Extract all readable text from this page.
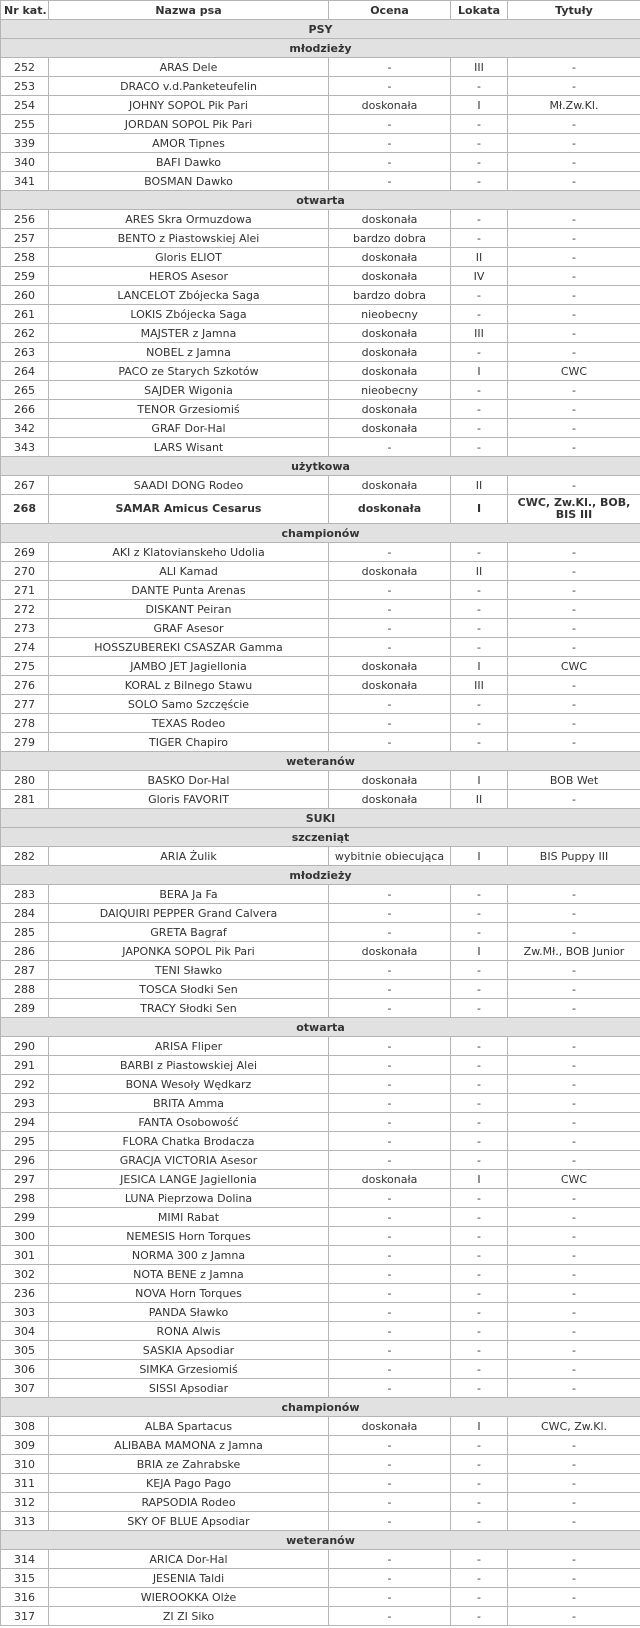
Nr kat.	Nazwa psa	Ocena	Lokata	Tytuły
PSY				
młodzieży				
252	ARAS Dele	-	III	-
253	DRACO v.d.Panketeufelin	-	-	-
254	JOHNY SOPOL Pik Pari	doskonała	I	Mł.Zw.Kl.
255	JORDAN SOPOL Pik Pari	-	-	-
339	AMOR Tipnes	-	-	-
340	BAFI Dawko	-	-	-
341	BOSMAN Dawko	-	-	-
otwarta				
256	ARES Skra Ormuzdowa	doskonała	-	-
257	BENTO z Piastowskiej Alei	bardzo dobra	-	-
258	Gloris ELIOT	doskonała	II	-
259	HEROS Asesor	doskonała	IV	-
260	LANCELOT Zbójecka Saga	bardzo dobra	-	-
261	LOKIS Zbójecka Saga	nieobecny	-	-
262	MAJSTER z Jamna	doskonała	III	-
263	NOBEL z Jamna	doskonała	-	-
264	PACO ze Starych Szkotów	doskonała	I	CWC
265	SAJDER Wigonia	nieobecny	-	-
266	TENOR Grzesiomiś	doskonała	-	-
342	GRAF Dor-Hal	doskonała	-	-
343	LARS Wisant	-	-	-
użytkowa				
267	SAADI DONG Rodeo	doskonała	II	-
268	SAMAR Amicus Cesarus	doskonała	I	CWC, Zw.Kl., BOB, BIS III
championów				
269	AKI z Klatovianskeho Udolia	-	-	-
270	ALI Kamad	doskonała	II	-
271	DANTE Punta Arenas	-	-	-
272	DISKANT Peiran	-	-	-
273	GRAF Asesor	-	-	-
274	HOSSZUBEREKI CSASZAR Gamma	-	-	-
275	JAMBO JET Jagiellonia	doskonała	I	CWC
276	KORAL z Bilnego Stawu	doskonała	III	-
277	SOLO Samo Szczęście	-	-	-
278	TEXAS Rodeo	-	-	-
279	TIGER Chapiro	-	-	-
weteranów				
280	BASKO Dor-Hal	doskonała	I	BOB Wet
281	Gloris FAVORIT	doskonała	II	-
SUKI				
szczeniąt				
282	ARIA Żulik	wybitnie obiecująca	I	BIS Puppy III
młodzieży				
283	BERA Ja Fa	-	-	-
284	DAIQUIRI PEPPER Grand Calvera	-	-	-
285	GRETA Bagraf	-	-	-
286	JAPONKA SOPOL Pik Pari	doskonała	I	Zw.Mł., BOB Junior
287	TENI Sławko	-	-	-
288	TOSCA Słodki Sen	-	-	-
289	TRACY Słodki Sen	-	-	-
otwarta				
290	ARISA Fliper	-	-	-
291	BARBI z Piastowskiej Alei	-	-	-
292	BONA Wesoły Wędkarz	-	-	-
293	BRITA Amma	-	-	-
294	FANTA Osobowość	-	-	-
295	FLORA Chatka Brodacza	-	-	-
296	GRACJA VICTORIA Asesor	-	-	-
297	JESICA LANGE Jagiellonia	doskonała	I	CWC
298	LUNA Pieprzowa Dolina	-	-	-
299	MIMI Rabat	-	-	-
300	NEMESIS Horn Torques	-	-	-
301	NORMA 300 z Jamna	-	-	-
302	NOTA BENE z Jamna	-	-	-
236	NOVA Horn Torques	-	-	-
303	PANDA Sławko	-	-	-
304	RONA Alwis	-	-	-
305	SASKIA Apsodiar	-	-	-
306	SIMKA Grzesiomiś	-	-	-
307	SISSI Apsodiar	-	-	-
championów				
308	ALBA Spartacus	doskonała	I	CWC, Zw.Kl.
309	ALIBABA MAMONA z Jamna	-	-	-
310	BRIA ze Zahrabske	-	-	-
311	KEJA Pago Pago	-	-	-
312	RAPSODIA Rodeo	-	-	-
313	SKY OF BLUE Apsodiar	-	-	-
weteranów				
314	ARICA Dor-Hal	-	-	-
315	JESENIA Taldi	-	-	-
316	WIEROOKKA Olże	-	-	-
317	ZI ZI Siko	-	-	-
